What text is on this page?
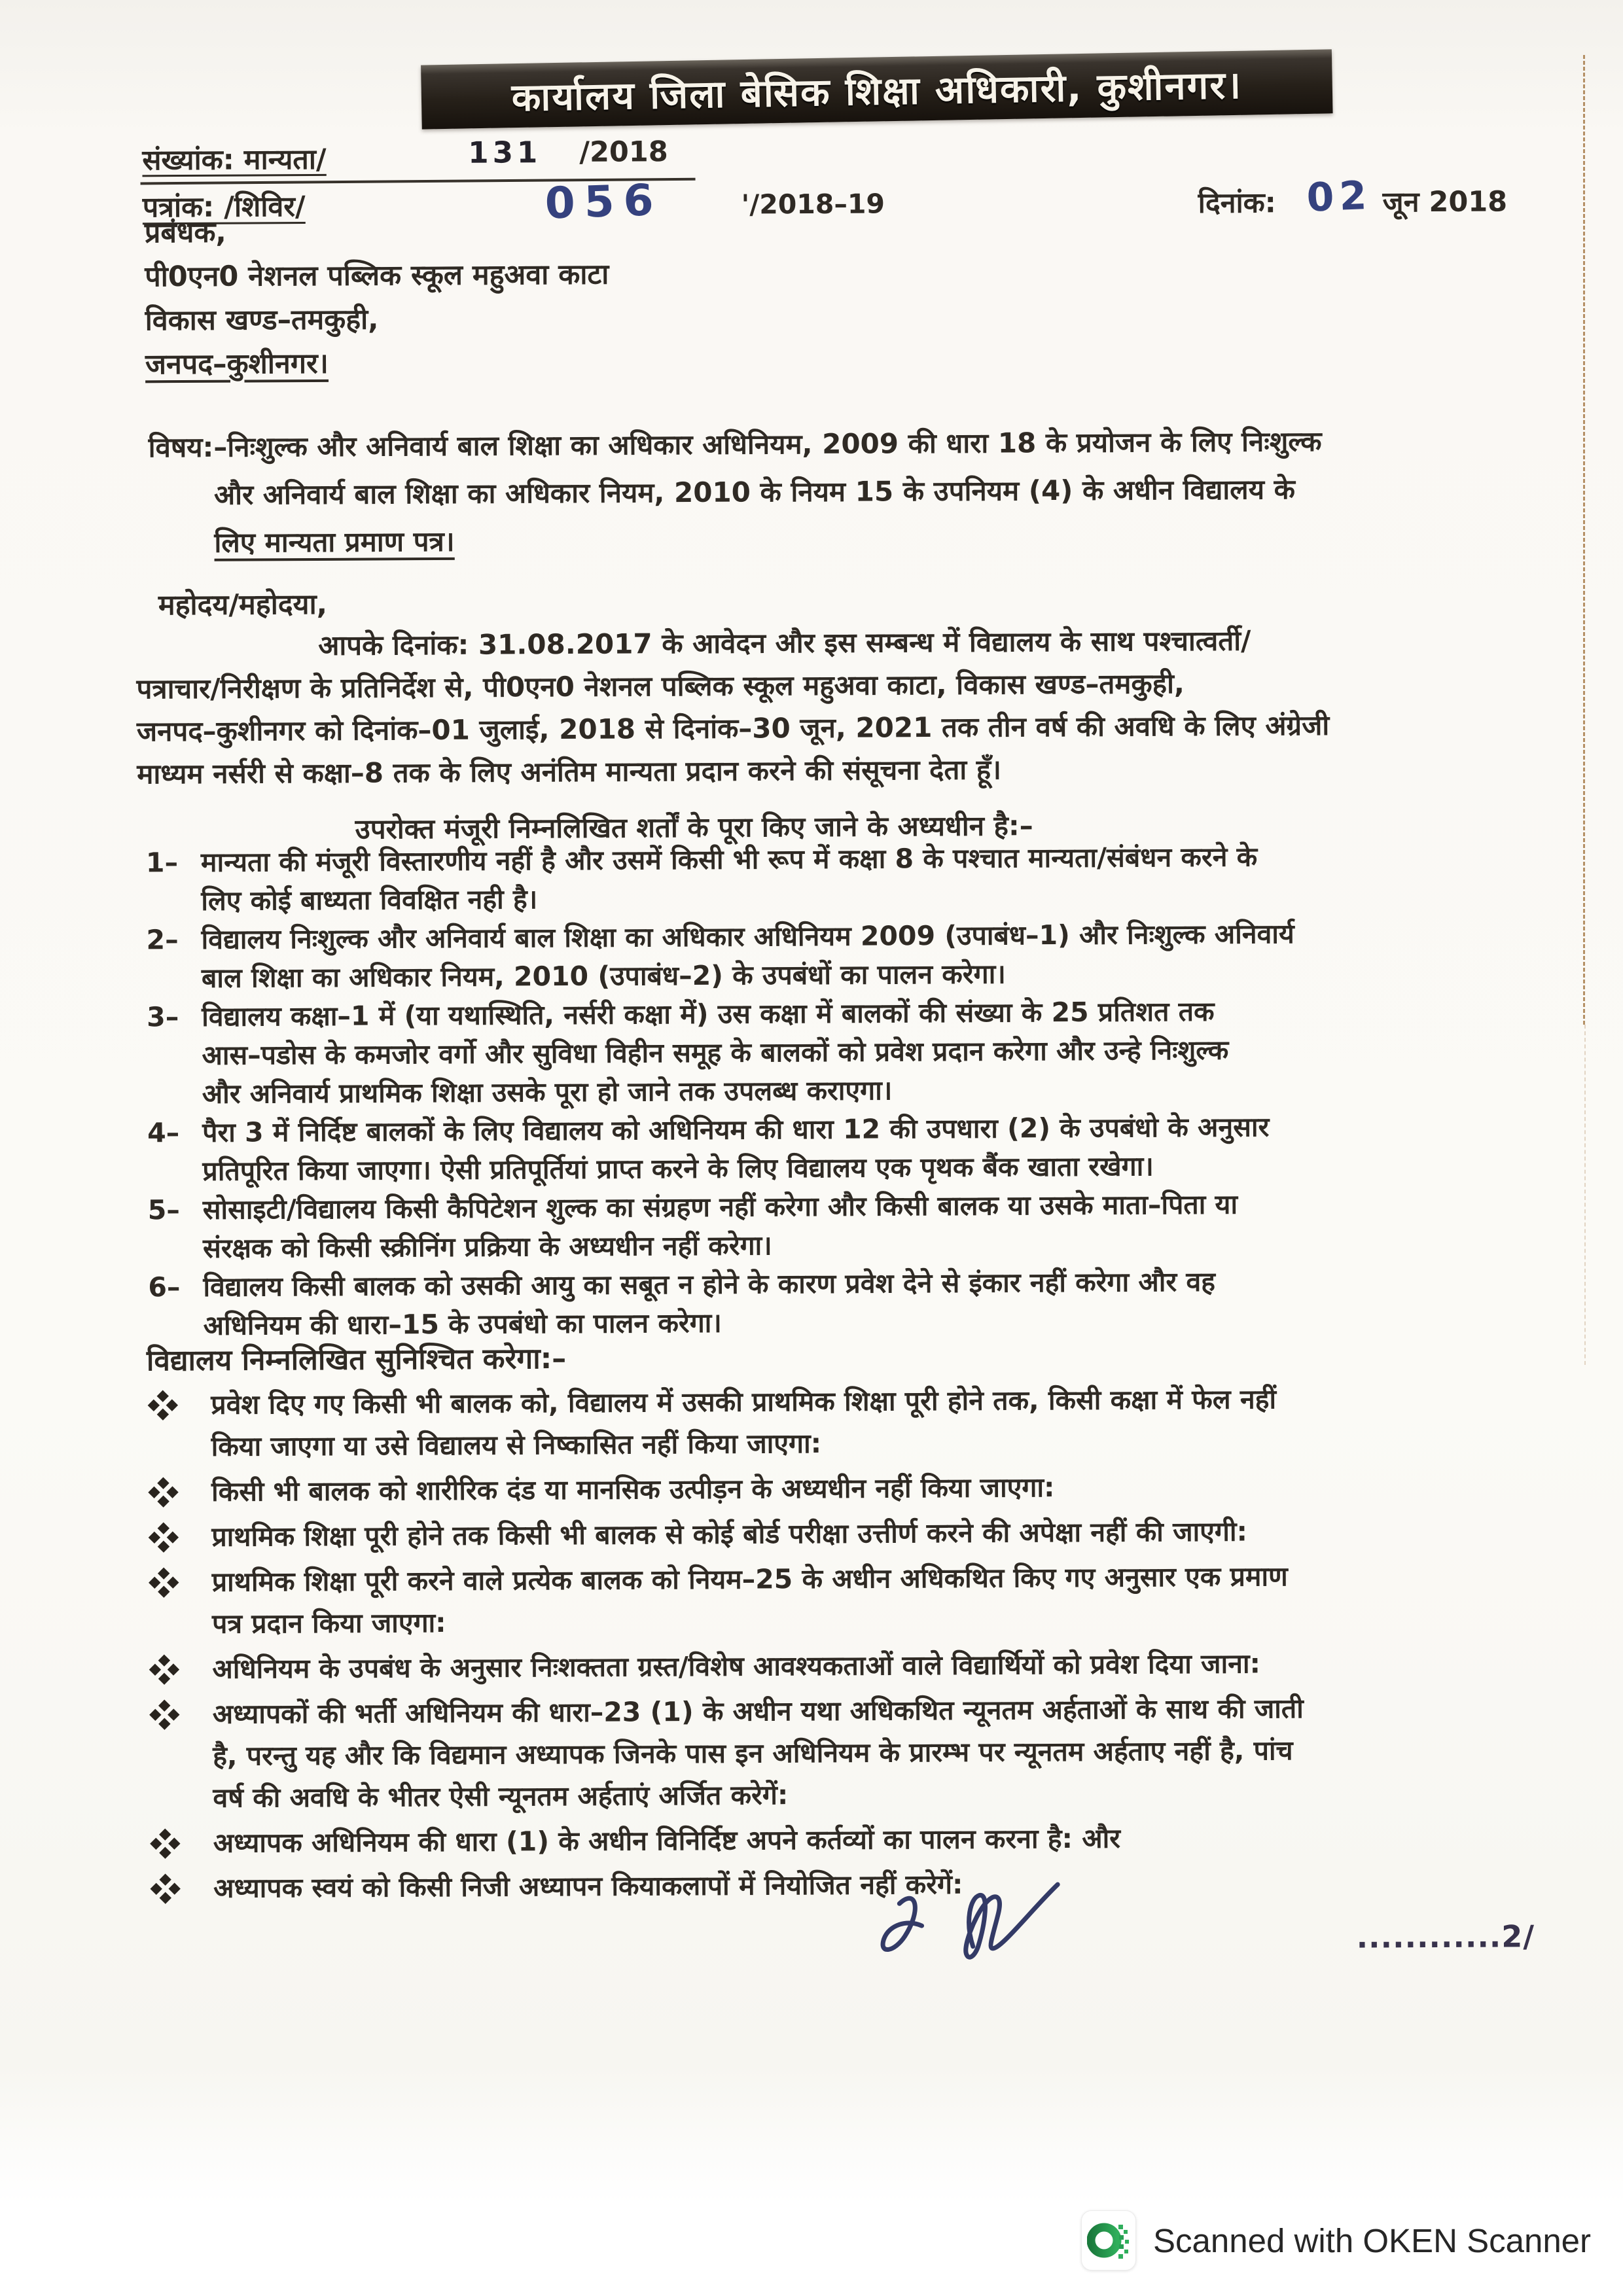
कार्यालय जिला बेसिक शिक्षा अधिकारी, कुशीनगर।
संख्यांक: मान्यता/	131 /2018
पत्रांक: /शिविर/	056	'/2018–19	दिनांक: 02 जून 2018
प्रबंधक,
पी0एन0 नेशनल पब्लिक स्कूल महुअवा काटा
विकास खण्ड–तमकुही,
जनपद–कुशीनगर।
विषय:–निःशुल्क और अनिवार्य बाल शिक्षा का अधिकार अधिनियम, 2009 की धारा 18 के प्रयोजन के लिए निःशुल्क
और अनिवार्य बाल शिक्षा का अधिकार नियम, 2010 के नियम 15 के उपनियम (4) के अधीन विद्यालय के
लिए मान्यता प्रमाण पत्र।
महोदय/महोदया,
आपके दिनांक: 31.08.2017 के आवेदन और इस सम्बन्ध में विद्यालय के साथ पश्चात्वर्ती/
पत्राचार/निरीक्षण के प्रतिनिर्देश से, पी0एन0 नेशनल पब्लिक स्कूल महुअवा काटा, विकास खण्ड–तमकुही,
जनपद–कुशीनगर को दिनांक–01 जुलाई, 2018 से दिनांक–30 जून, 2021 तक तीन वर्ष की अवधि के लिए अंग्रेजी
माध्यम नर्सरी से कक्षा–8 तक के लिए अनंतिम मान्यता प्रदान करने की संसूचना देता हूँ।
उपरोक्त मंजूरी निम्नलिखित शर्तों के पूरा किए जाने के अध्यधीन है:–
1– मान्यता की मंजूरी विस्तारणीय नहीं है और उसमें किसी भी रूप में कक्षा 8 के पश्चात मान्यता/संबंधन करने के
लिए कोई बाध्यता विवक्षित नही है।
2– विद्यालय निःशुल्क और अनिवार्य बाल शिक्षा का अधिकार अधिनियम 2009 (उपाबंध–1) और निःशुल्क अनिवार्य
बाल शिक्षा का अधिकार नियम, 2010 (उपाबंध–2) के उपबंधों का पालन करेगा।
3– विद्यालय कक्षा–1 में (या यथास्थिति, नर्सरी कक्षा में) उस कक्षा में बालकों की संख्या के 25 प्रतिशत तक
आस–पडोस के कमजोर वर्गो और सुविधा विहीन समूह के बालकों को प्रवेश प्रदान करेगा और उन्हे निःशुल्क
और अनिवार्य प्राथमिक शिक्षा उसके पूरा हो जाने तक उपलब्ध कराएगा।
4– पैरा 3 में निर्दिष्ट बालकों के लिए विद्यालय को अधिनियम की धारा 12 की उपधारा (2) के उपबंधो के अनुसार
प्रतिपूरित किया जाएगा। ऐसी प्रतिपूर्तियां प्राप्त करने के लिए विद्यालय एक पृथक बैंक खाता रखेगा।
5– सोसाइटी/विद्यालय किसी कैपिटेशन शुल्क का संग्रहण नहीं करेगा और किसी बालक या उसके माता–पिता या
संरक्षक को किसी स्क्रीनिंग प्रक्रिया के अध्यधीन नहीं करेगा।
6– विद्यालय किसी बालक को उसकी आयु का सबूत न होने के कारण प्रवेश देने से इंकार नहीं करेगा और वह
अधिनियम की धारा–15 के उपबंधो का पालन करेगा।
विद्यालय निम्नलिखित सुनिश्चित करेगा:–
प्रवेश दिए गए किसी भी बालक को, विद्यालय में उसकी प्राथमिक शिक्षा पूरी होने तक, किसी कक्षा में फेल नहीं
किया जाएगा या उसे विद्यालय से निष्कासित नहीं किया जाएगा:
किसी भी बालक को शारीरिक दंड या मानसिक उत्पीड़न के अध्यधीन नहीं किया जाएगा:
प्राथमिक शिक्षा पूरी होने तक किसी भी बालक से कोई बोर्ड परीक्षा उत्तीर्ण करने की अपेक्षा नहीं की जाएगी:
प्राथमिक शिक्षा पूरी करने वाले प्रत्येक बालक को नियम–25 के अधीन अधिकथित किए गए अनुसार एक प्रमाण
पत्र प्रदान किया जाएगा:
अधिनियम के उपबंध के अनुसार निःशक्तता ग्रस्त/विशेष आवश्यकताओं वाले विद्यार्थियों को प्रवेश दिया जाना:
अध्यापकों की भर्ती अधिनियम की धारा–23 (1) के अधीन यथा अधिकथित न्यूनतम अर्हताओं के साथ की जाती
है, परन्तु यह और कि विद्यमान अध्यापक जिनके पास इन अधिनियम के प्रारम्भ पर न्यूनतम अर्हताए नहीं है, पांच
वर्ष की अवधि के भीतर ऐसी न्यूनतम अर्हताएं अर्जित करेगें:
अध्यापक अधिनियम की धारा (1) के अधीन विनिर्दिष्ट अपने कर्तव्यों का पालन करना है: और
अध्यापक स्वयं को किसी निजी अध्यापन कियाकलापों में नियोजित नहीं करेगें:
............2/
Scanned with OKEN Scanner
